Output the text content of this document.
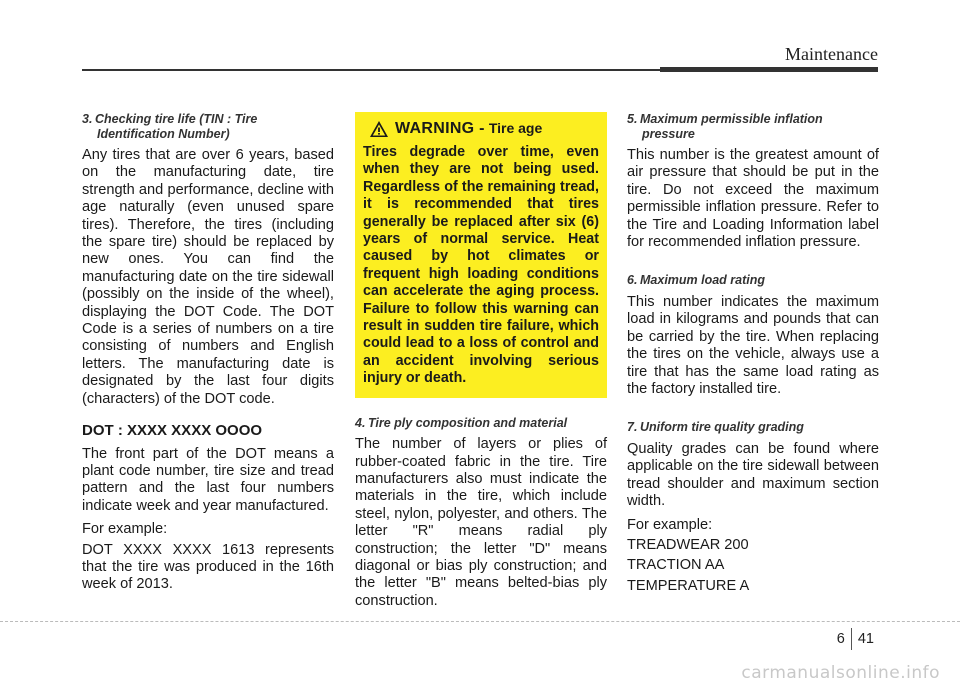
Maintenance
3. Checking tire life (TIN : Tire
Identification Number)

Any tires that are over 6 years, based on the manufacturing date, tire strength and performance, decline with age naturally (even unused spare tires). Therefore, the tires (including the spare tire) should be replaced by new ones. You can find the manufacturing date on the tire sidewall (possibly on the inside of the wheel), displaying the DOT Code. The DOT Code is a series of numbers on a tire consisting of numbers and English letters. The manufacturing date is designated by the last four digits (characters) of the DOT code.

DOT : XXXX XXXX OOOO

The front part of the DOT means a plant code number, tire size and tread pattern and the last four numbers indicate week and year manufactured.

For example:

DOT XXXX XXXX 1613 represents that the tire was produced in the 16th week of 2013.

WARNING - Tire age

Tires degrade over time, even when they are not being used. Regardless of the remaining tread, it is recommended that tires generally be replaced after six (6) years of normal service. Heat caused by hot climates or frequent high loading conditions can accelerate the aging process. Failure to follow this warning can result in sudden tire failure, which could lead to a loss of control and an accident involving serious injury or death.

4. Tire ply composition and material

The number of layers or plies of rubber-coated fabric in the tire. Tire manufacturers also must indicate the materials in the tire, which include steel, nylon, polyester, and others. The letter "R" means radial ply construction; the letter "D" means diagonal or bias ply construction; and the letter "B" means belted-bias ply construction.

5. Maximum permissible inflation
pressure

This number is the greatest amount of air pressure that should be put in the tire. Do not exceed the maximum permissible inflation pressure. Refer to the Tire and Loading Information label for recommended inflation pressure.

6. Maximum load rating

This number indicates the maximum load in kilograms and pounds that can be carried by the tire. When replacing the tires on the vehicle, always use a tire that has the same load rating as the factory installed tire.

7. Uniform tire quality grading

Quality grades can be found where applicable on the tire sidewall between tread shoulder and maximum section width.

For example:

TREADWEAR 200

TRACTION AA

TEMPERATURE A

6 41
carmanualsonline.info
